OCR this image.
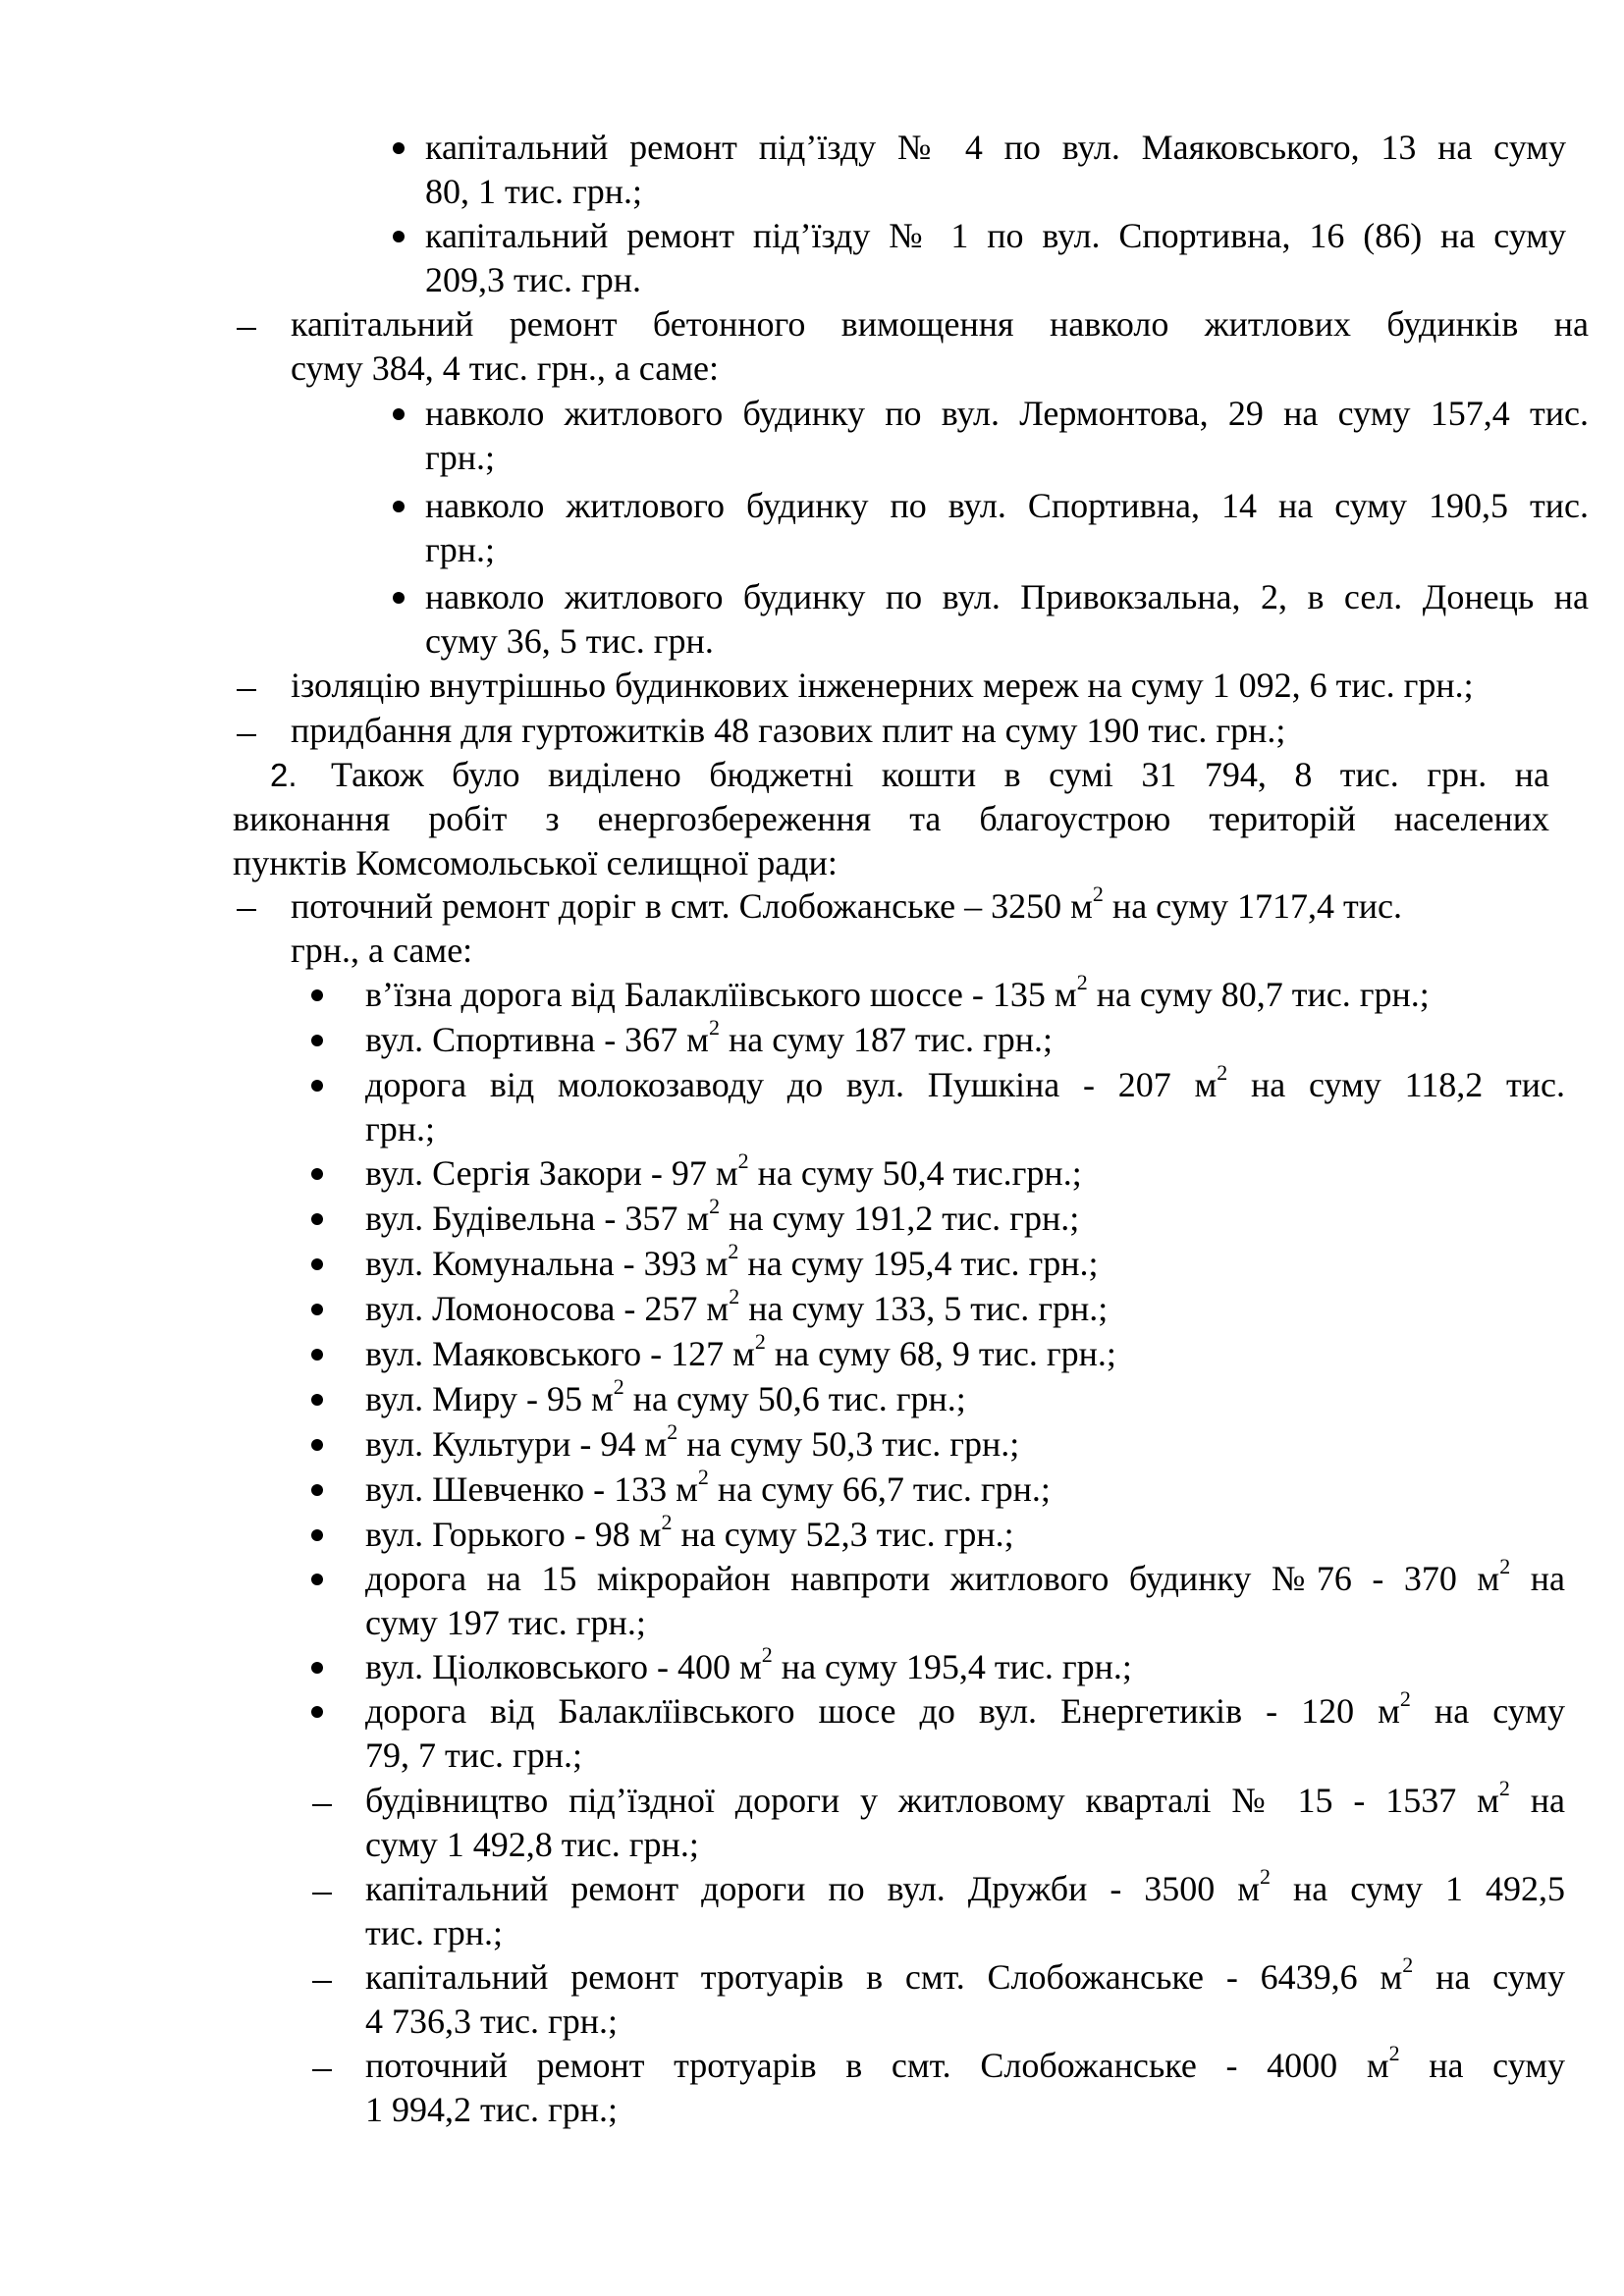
капітальний ремонт під’їзду № 4 по вул. Маяковського, 13 на суму
80, 1 тис. грн.;
капітальний ремонт під’їзду № 1 по вул. Спортивна, 16 (86) на суму
209,3 тис. грн.
капітальний ремонт бетонного вимощення навколо житлових будинків на
суму 384, 4 тис. грн., а саме:
навколо житлового будинку по вул. Лермонтова, 29 на суму 157,4 тис.
грн.;
навколо житлового будинку по вул. Спортивна, 14 на суму 190,5 тис.
грн.;
навколо житлового будинку по вул. Привокзальна, 2, в сел. Донець на
суму 36, 5 тис. грн.
ізоляцію внутрішньо будинкових інженерних мереж на суму 1 092, 6 тис. грн.;
придбання для гуртожитків 48 газових плит на суму 190 тис. грн.;
2. Також було виділено бюджетні кошти в сумі 31 794, 8 тис. грн. на
виконання робіт з енергозбереження та благоустрою територій населених
пунктів Комсомольської селищної ради:
поточний ремонт доріг в смт. Слобожанське – 3250 $м^2$ на суму 1717,4 тис.
грн., а саме:
в’їзна дорога від Балаклїівського шоссе - 135 $м^2$ на суму 80,7 тис. грн.;
вул. Спортивна - 367 $м^2$ на суму 187 тис. грн.;
дорога від молокозаводу до вул. Пушкіна - 207 $м^2$ на суму 118,2 тис.
грн.;
вул. Сергія Закори - 97 $м^2$ на суму 50,4 тис.грн.;
вул. Будівельна - 357 $м^2$ на суму 191,2 тис. грн.;
вул. Комунальна - 393 $м^2$ на суму 195,4 тис. грн.;
вул. Ломоносова - 257 $м^2$ на суму 133, 5 тис. грн.;
вул. Маяковського - 127 $м^2$ на суму 68, 9 тис. грн.;
вул. Миру - 95 $м^2$ на суму 50,6 тис. грн.;
вул. Культури - 94 $м^2$ на суму 50,3 тис. грн.;
вул. Шевченко - 133 $м^2$ на суму 66,7 тис. грн.;
вул. Горького - 98 $м^2$ на суму 52,3 тис. грн.;
дорога на 15 мікрорайон навпроти житлового будинку №76 - 370 $м^2$ на
суму 197 тис. грн.;
вул. Ціолковського - 400 $м^2$ на суму 195,4 тис. грн.;
дорога від Балаклїівського шосе до вул. Енергетиків - 120 $м^2$ на суму
79, 7 тис. грн.;
будівництво під’їздної дороги у житловому кварталі № 15 - 1537 $м^2$ на
суму 1 492,8 тис. грн.;
капітальний ремонт дороги по вул. Дружби - 3500 $м^2$ на суму 1 492,5
тис. грн.;
капітальний ремонт тротуарів в смт. Слобожанське - 6439,6 $м^2$ на суму
4 736,3 тис. грн.;
поточний ремонт тротуарів в смт. Слобожанське - 4000 $м^2$ на суму
1 994,2 тис. грн.;
